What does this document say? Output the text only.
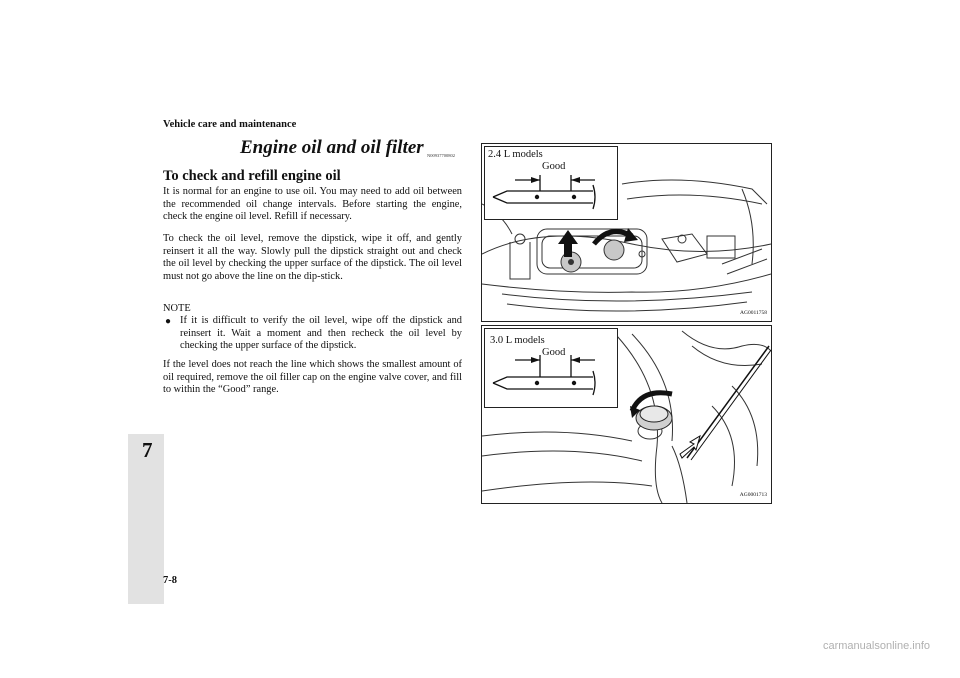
Vehicle care and maintenance
7
7-8
Engine oil and oil filter N00937700802
To check and refill engine oil

It is normal for an engine to use oil. You may need to add oil between the recommended oil change intervals. Before starting the engine, check the engine oil level. Refill if necessary.

To check the oil level, remove the dipstick, wipe it off, and gently reinsert it all the way. Slowly pull the dipstick straight out and check the oil level by checking the upper surface of the dipstick. The oil level must not go above the line on the dip-stick.

NOTE
● If it is difficult to verify the oil level, wipe off the dipstick and reinsert it. Wait a moment and then recheck the oil level by checking the upper surface of the dipstick.

If the level does not reach the line which shows the smallest amount of oil required, remove the oil filler cap on the engine valve cover, and fill to within the “Good” range.

2.4 L models
Good
AG0011758
3.0 L models
Good
AG0001713
carmanualsonline.info
